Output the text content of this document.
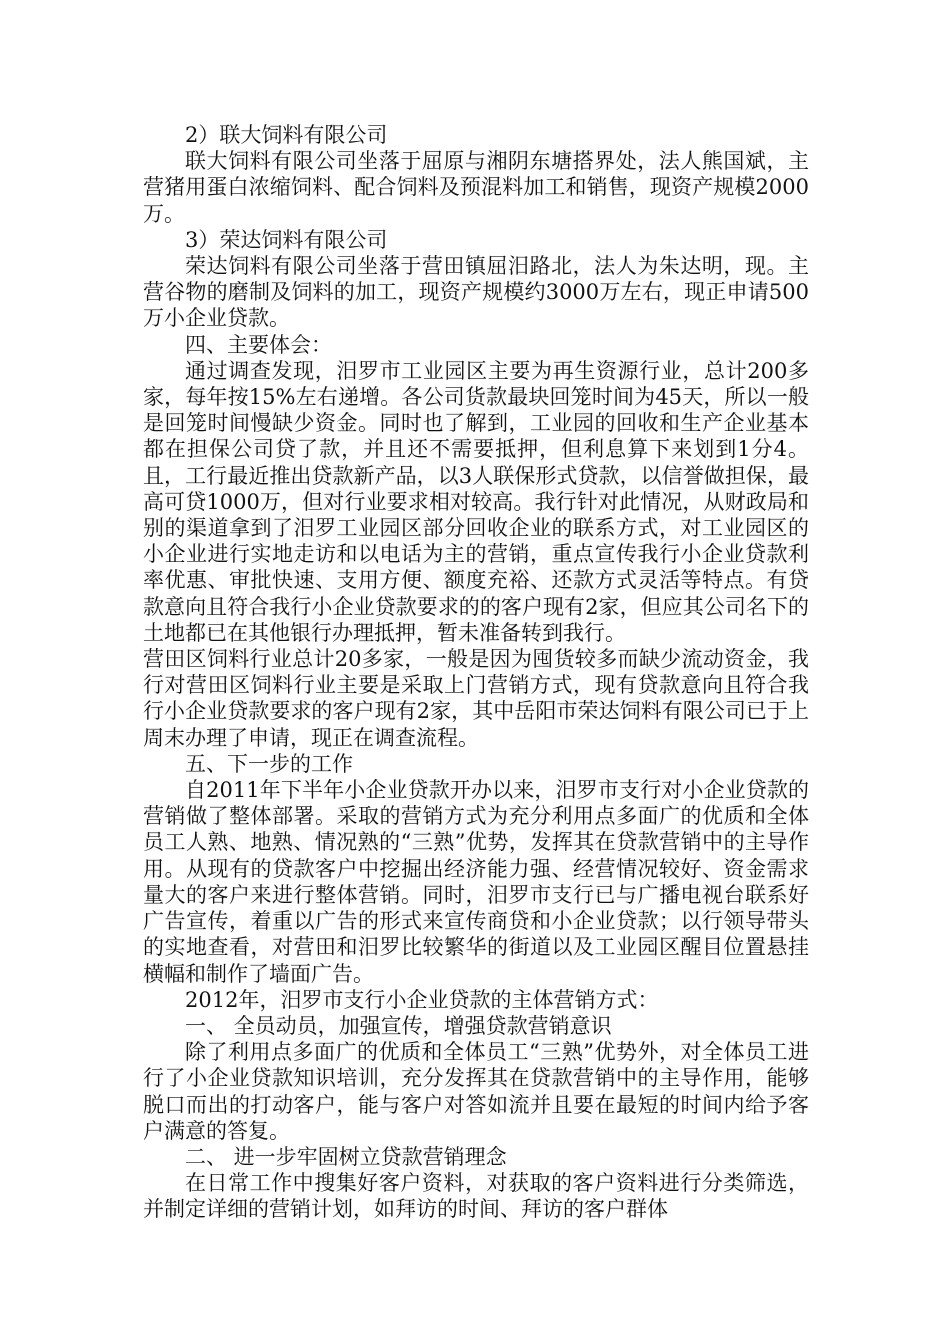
2）联大饲料有限公司

联大饲料有限公司坐落于屈原与湘阴东塘搭界处，法人熊国斌，主营猪用蛋白浓缩饲料、配合饲料及预混料加工和销售，现资产规模2000万。

3）荣达饲料有限公司

荣达饲料有限公司坐落于营田镇屈汨路北，法人为朱达明，现。主营谷物的磨制及饲料的加工，现资产规模约3000万左右，现正申请500万小企业贷款。

四、主要体会：

通过调查发现，汨罗市工业园区主要为再生资源行业，总计200多家，每年按15%左右递增。各公司货款最块回笼时间为45天，所以一般是回笼时间慢缺少资金。同时也了解到，工业园的回收和生产企业基本都在担保公司贷了款，并且还不需要抵押，但利息算下来划到1分4。且，工行最近推出贷款新产品，以3人联保形式贷款，以信誉做担保，最高可贷1000万，但对行业要求相对较高。我行针对此情况，从财政局和别的渠道拿到了汨罗工业园区部分回收企业的联系方式，对工业园区的小企业进行实地走访和以电话为主的营销，重点宣传我行小企业贷款利率优惠、审批快速、支用方便、额度充裕、还款方式灵活等特点。有贷款意向且符合我行小企业贷款要求的的客户现有2家，但应其公司名下的土地都已在其他银行办理抵押，暂未准备转到我行。

营田区饲料行业总计20多家，一般是因为囤货较多而缺少流动资金，我行对营田区饲料行业主要是采取上门营销方式，现有贷款意向且符合我行小企业贷款要求的客户现有2家，其中岳阳市荣达饲料有限公司已于上周末办理了申请，现正在调查流程。

五、下一步的工作

自2011年下半年小企业贷款开办以来，汨罗市支行对小企业贷款的营销做了整体部署。采取的营销方式为充分利用点多面广的优质和全体员工人熟、地熟、情况熟的“三熟”优势，发挥其在贷款营销中的主导作用。从现有的贷款客户中挖掘出经济能力强、经营情况较好、资金需求量大的客户来进行整体营销。同时，汨罗市支行已与广播电视台联系好广告宣传，着重以广告的形式来宣传商贷和小企业贷款；以行领导带头的实地查看，对营田和汨罗比较繁华的街道以及工业园区醒目位置悬挂横幅和制作了墙面广告。

2012年，汨罗市支行小企业贷款的主体营销方式：

一、 全员动员，加强宣传，增强贷款营销意识

除了利用点多面广的优质和全体员工“三熟”优势外，对全体员工进行了小企业贷款知识培训，充分发挥其在贷款营销中的主导作用，能够脱口而出的打动客户，能与客户对答如流并且要在最短的时间内给予客户满意的答复。

二、 进一步牢固树立贷款营销理念

在日常工作中搜集好客户资料，对获取的客户资料进行分类筛选，并制定详细的营销计划，如拜访的时间、拜访的客户群体
